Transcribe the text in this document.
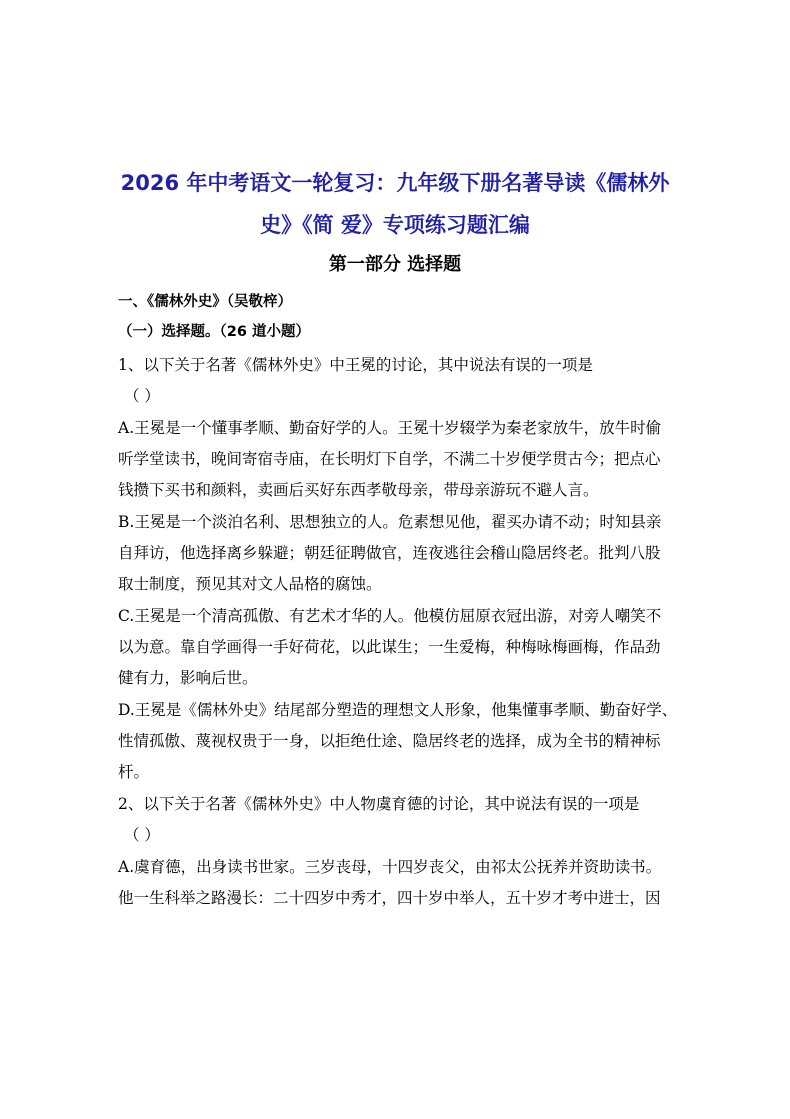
2026 年中考语文一轮复习：九年级下册名著导读《儒林外
史》《简 爱》专项练习题汇编
第一部分 选择题
一、《儒林外史》（吴敬梓）
（一）选择题。（26 道小题）
1、以下关于名著《儒林外史》中王冕的讨论，其中说法有误的一项是
（ ）
A.王冕是一个懂事孝顺、勤奋好学的人。王冕十岁辍学为秦老家放牛，放牛时偷
听学堂读书，晚间寄宿寺庙，在长明灯下自学，不满二十岁便学贯古今；把点心
钱攒下买书和颜料，卖画后买好东西孝敬母亲，带母亲游玩不避人言。
B.王冕是一个淡泊名利、思想独立的人。危素想见他，翟买办请不动；时知县亲
自拜访，他选择离乡躲避；朝廷征聘做官，连夜逃往会稽山隐居终老。批判八股
取士制度，预见其对文人品格的腐蚀。
C.王冕是一个清高孤傲、有艺术才华的人。他模仿屈原衣冠出游，对旁人嘲笑不
以为意。靠自学画得一手好荷花，以此谋生；一生爱梅，种梅咏梅画梅，作品劲
健有力，影响后世。
D.王冕是《儒林外史》结尾部分塑造的理想文人形象，他集懂事孝顺、勤奋好学、
性情孤傲、蔑视权贵于一身，以拒绝仕途、隐居终老的选择，成为全书的精神标
杆。
2、以下关于名著《儒林外史》中人物虞育德的讨论，其中说法有误的一项是
（ ）
A.虞育德，出身读书世家。三岁丧母，十四岁丧父，由祁太公抚养并资助读书。
他一生科举之路漫长：二十四岁中秀才，四十岁中举人，五十岁才考中进士，因
